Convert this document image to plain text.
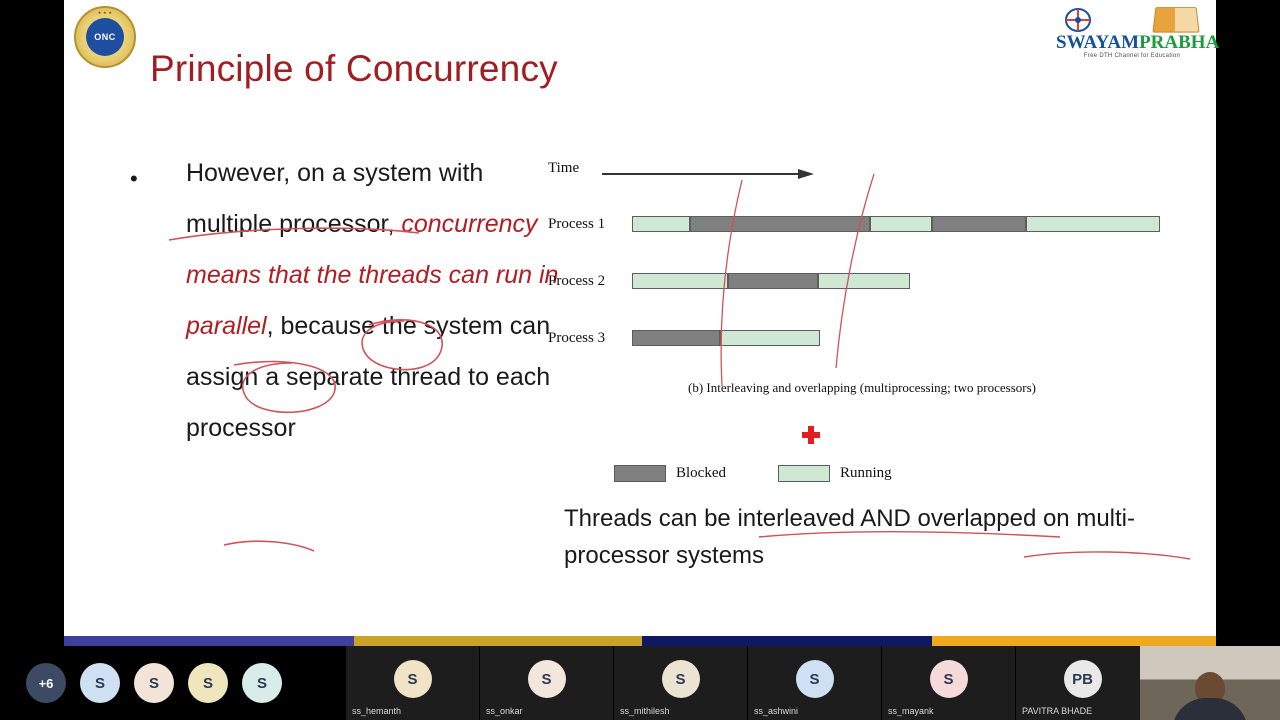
★ ★ ★
ONC	SWAYAMPRABHA
Free DTH Channel for Education
Principle of Concurrency
•	However, on a system with multiple processor, concurrency means that the threads can run in parallel, because the system can assign a separate thread to each processor
Time
Process 1
Process 2
Process 3
(b) Interleaving and overlapping (multiprocessing; two processors)
Blocked	Running
Threads can be interleaved AND overlapped on multi-processor systems
+6	S	S	S	S	S
ss_hemanth
S
ss_onkar
S
ss_mithilesh
S
ss_ashwini
S
ss_mayank
PB
PAVITRA BHADE
